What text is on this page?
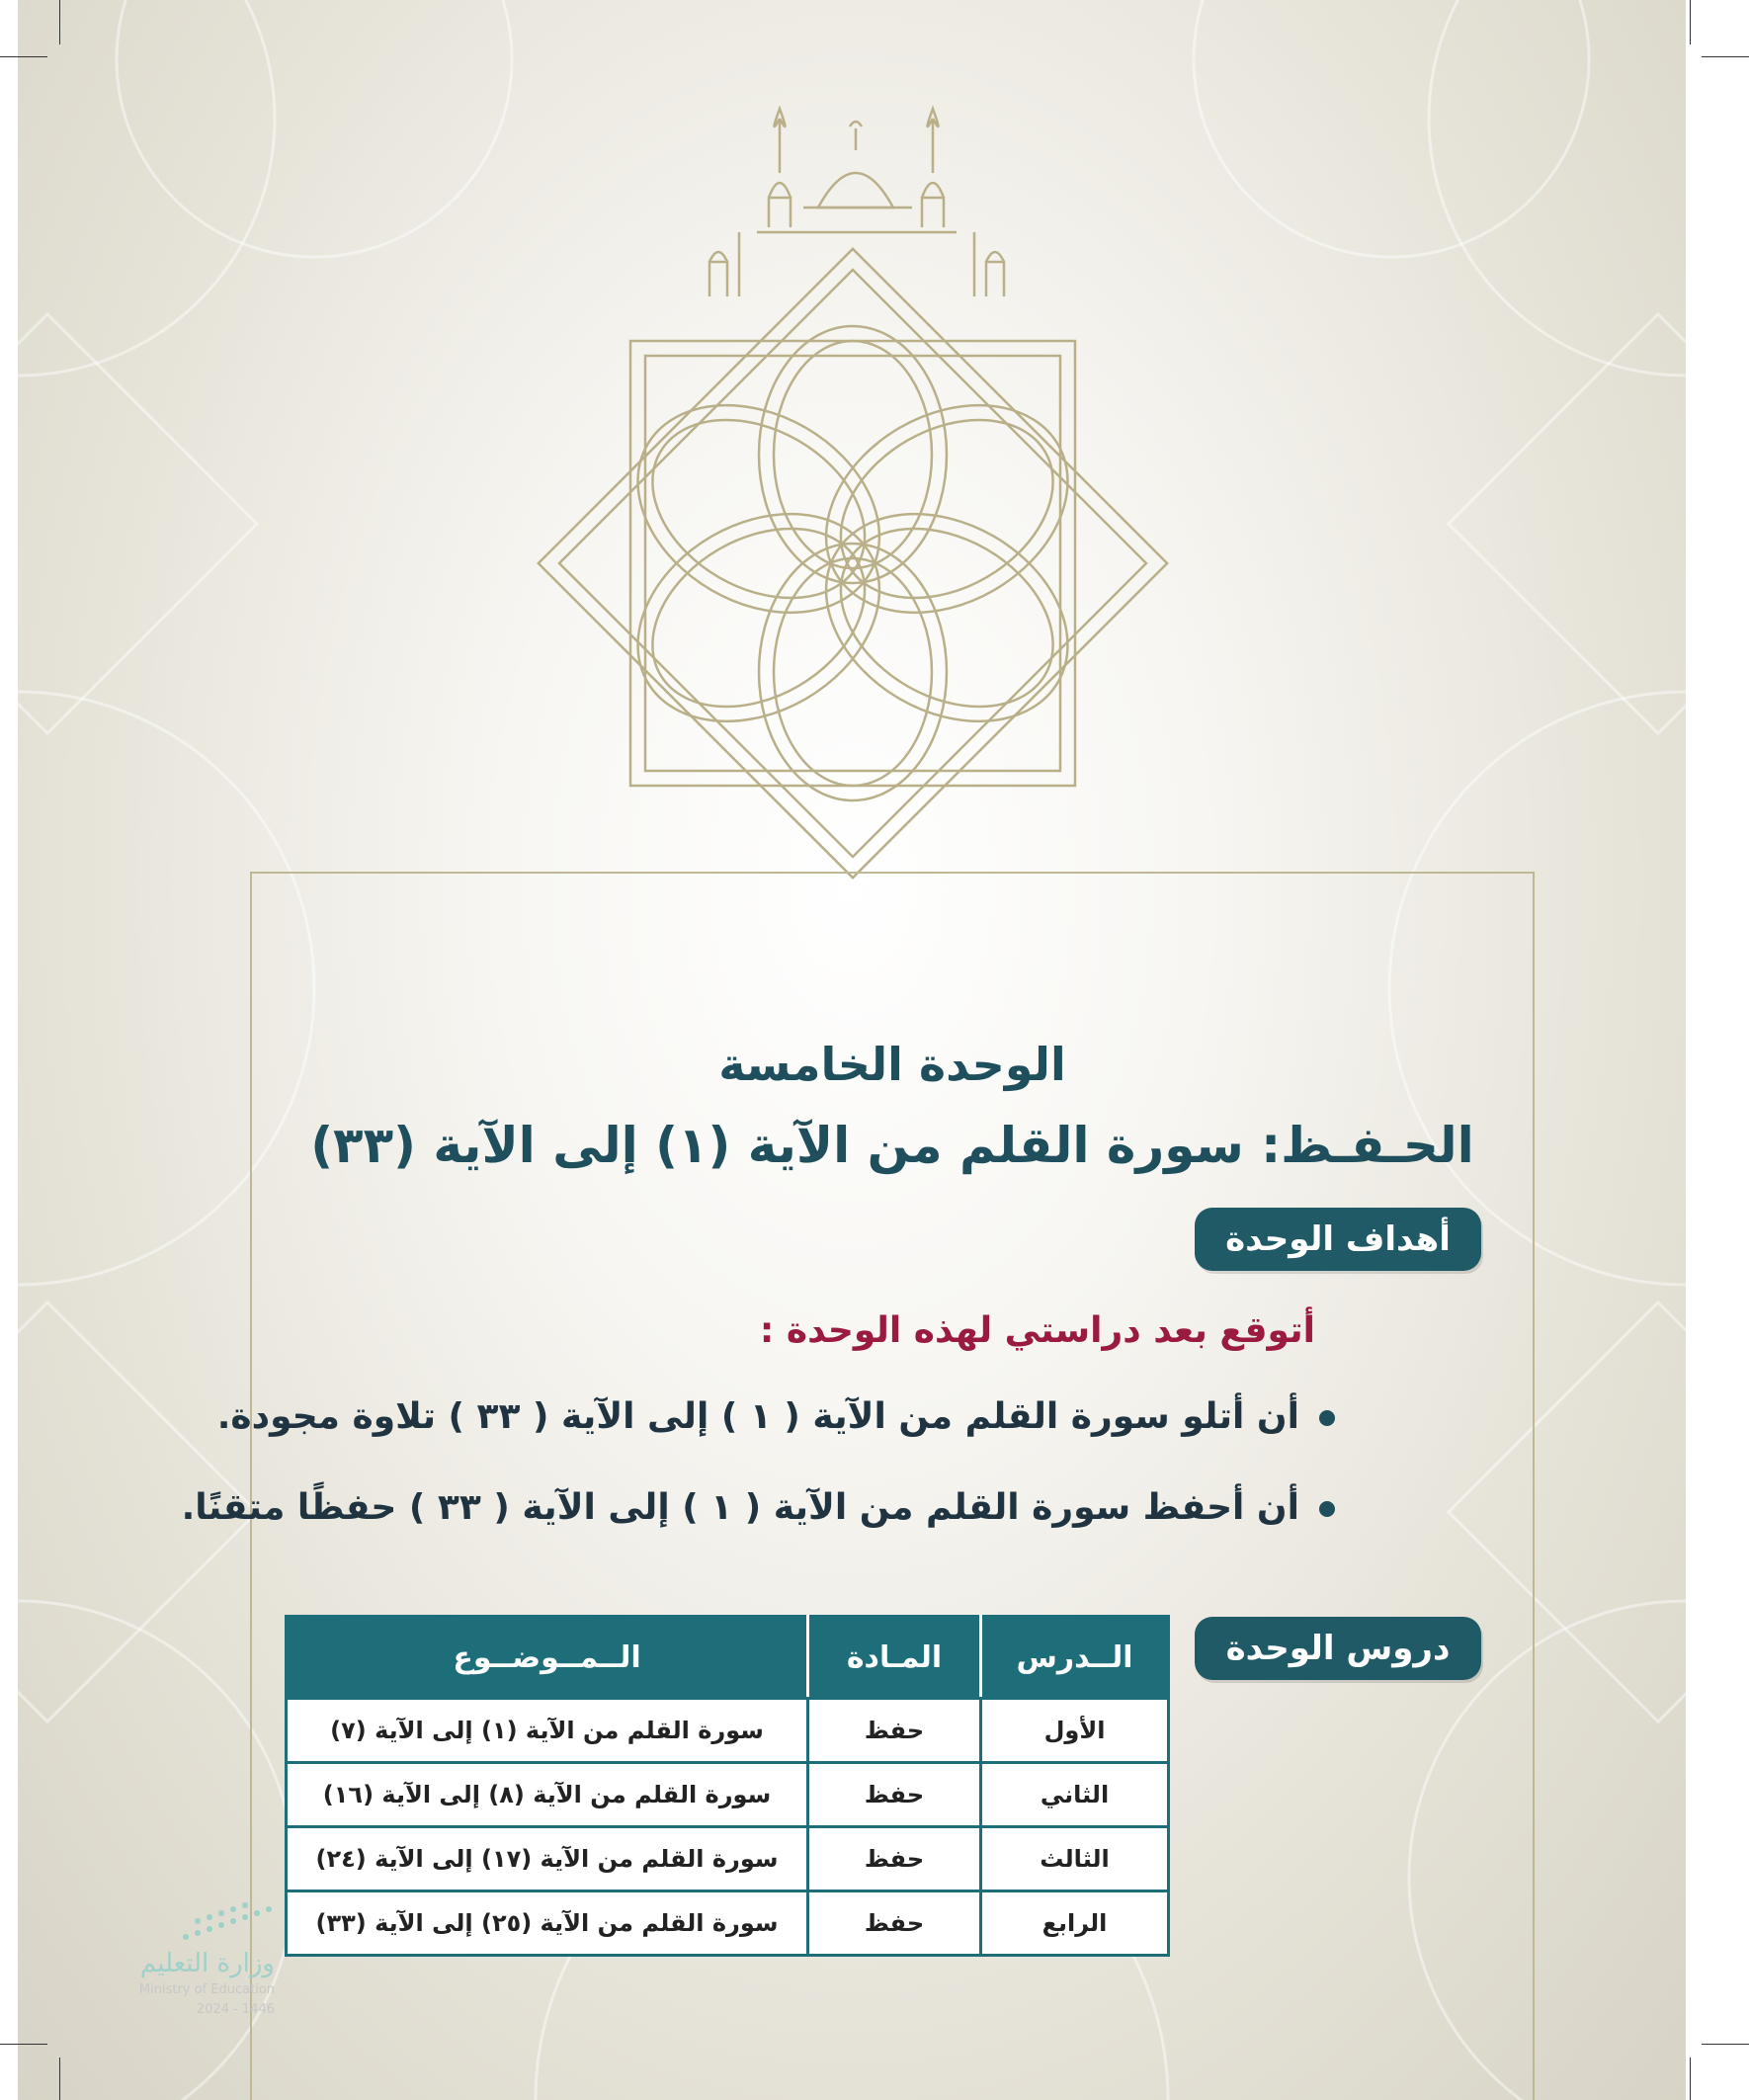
الوحدة الخامسة
الحـفـظ: سورة القلم من الآية (١) إلى الآية (٣٣)
أهداف الوحدة
أتوقع بعد دراستي لهذه الوحدة :
أن أتلو سورة القلم من الآية ( ١ ) إلى الآية ( ٣٣ ) تلاوة مجودة.
أن أحفظ سورة القلم من الآية ( ١ ) إلى الآية ( ٣٣ ) حفظًا متقنًا.
دروس الوحدة
الــدرس	المـادة	الــمــوضــوع
الأول	حفظ	سورة القلم من الآية (١) إلى الآية (٧)
الثاني	حفظ	سورة القلم من الآية (٨) إلى الآية (١٦)
الثالث	حفظ	سورة القلم من الآية (١٧) إلى الآية (٢٤)
الرابع	حفظ	سورة القلم من الآية (٢٥) إلى الآية (٣٣)
وزارة التعليم
Ministry of Education
2024 - 1446
